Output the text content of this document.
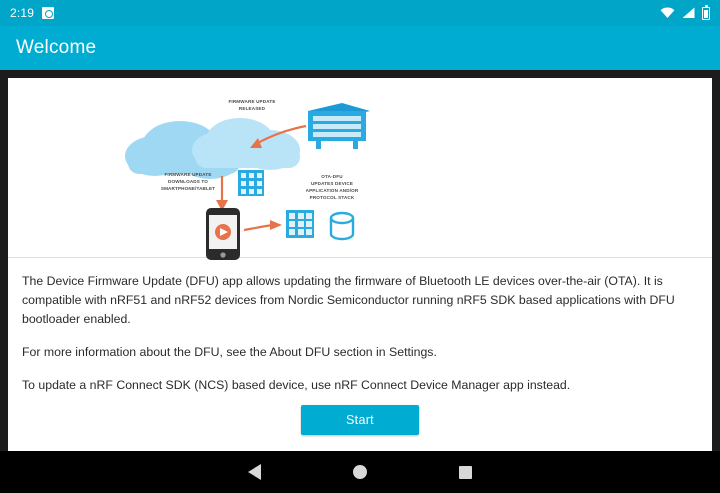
2:19
Welcome
FIRMWARE UPDATE
RELEASED
FIRMWARE UPDATE
DOWNLOADS TO
SMARTPHONE/TABLET
OTA-DFU
UPDATES DEVICE
APPLICATION AND/OR
PROTOCOL STACK

The Device Firmware Update (DFU) app allows updating the firmware of Bluetooth LE devices over-the-air (OTA). It is compatible with nRF51 and nRF52 devices from Nordic Semiconductor running nRF5 SDK based applications with DFU bootloader enabled.

For more information about the DFU, see the About DFU section in Settings.

To update a nRF Connect SDK (NCS) based device, use nRF Connect Device Manager app instead.

Start
